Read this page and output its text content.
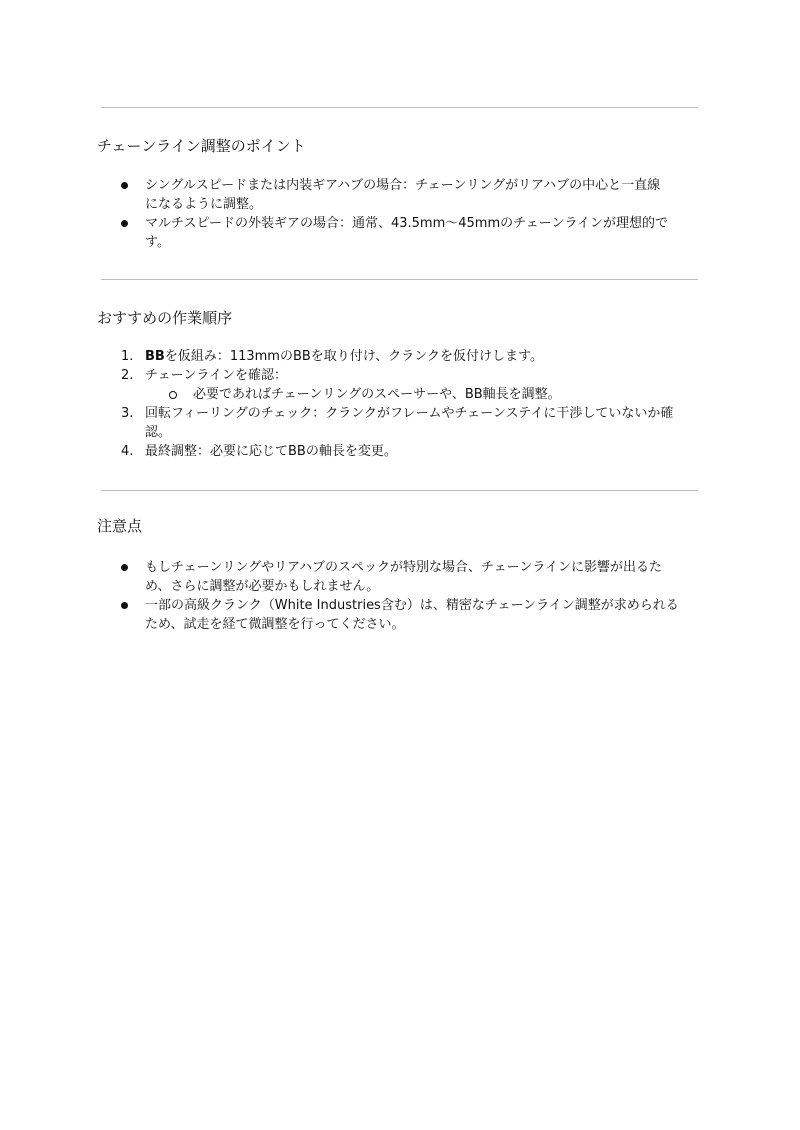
チェーンライン調整のポイント
シングルスピードまたは内装ギアハブの場合：チェーンリングがリアハブの中心と一直線
になるように調整。
マルチスピードの外装ギアの場合：通常、43.5mm〜45mmのチェーンラインが理想的で
す。
おすすめの作業順序
1. BBを仮組み：113mmのBBを取り付け、クランクを仮付けします。
2. チェーンラインを確認：
必要であればチェーンリングのスペーサーや、BB軸長を調整。
3. 回転フィーリングのチェック：クランクがフレームやチェーンステイに干渉していないか確
認。
4. 最終調整：必要に応じてBBの軸長を変更。
注意点
もしチェーンリングやリアハブのスペックが特別な場合、チェーンラインに影響が出るた
め、さらに調整が必要かもしれません。
一部の高級クランク（White Industries含む）は、精密なチェーンライン調整が求められる
ため、試走を経て微調整を行ってください。
